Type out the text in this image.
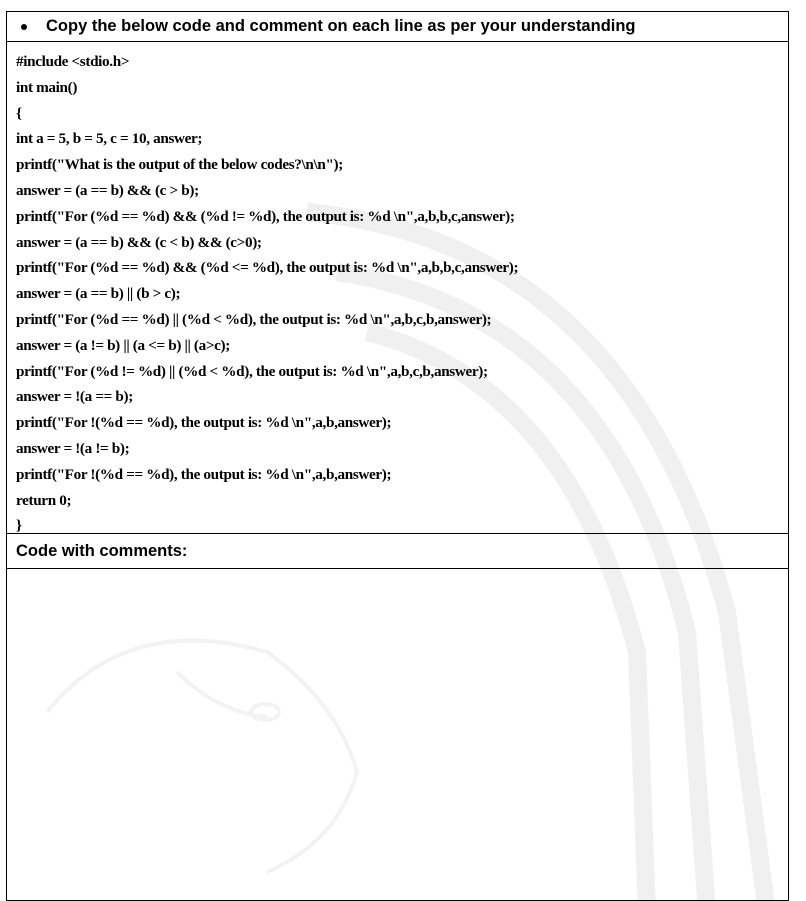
Copy the below code and comment on each line as per your understanding
#include <stdio.h>
int main()
{
int a = 5, b = 5, c = 10, answer;
printf("What is the output of the below codes?\n\n");
answer = (a == b) && (c > b);
printf("For (%d == %d) && (%d != %d), the output is: %d \n",a,b,b,c,answer);
answer = (a == b) && (c < b) && (c>0);
printf("For (%d == %d) && (%d <= %d), the output is: %d \n",a,b,b,c,answer);
answer = (a == b) || (b > c);
printf("For (%d == %d) || (%d < %d), the output is: %d \n",a,b,c,b,answer);
answer = (a != b) || (a <= b) || (a>c);
printf("For (%d != %d) || (%d < %d), the output is: %d \n",a,b,c,b,answer);
answer = !(a == b);
printf("For !(%d == %d), the output is: %d \n",a,b,answer);
answer = !(a != b);
printf("For !(%d == %d), the output is: %d \n",a,b,answer);
return 0;
}
Code with comments:
